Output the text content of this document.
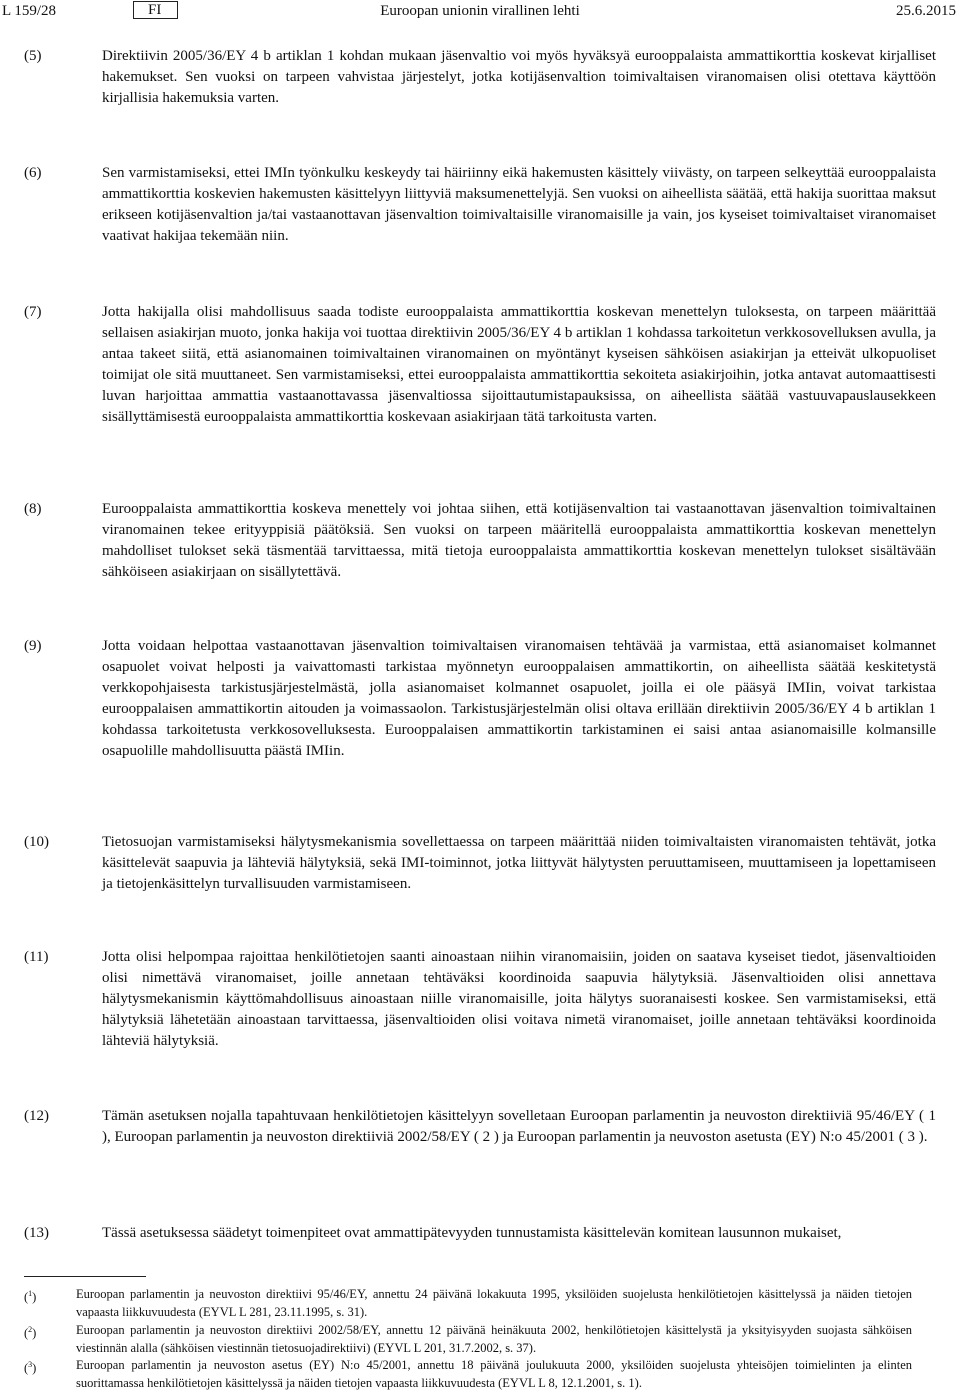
L 159/28	FI	Euroopan unionin virallinen lehti	25.6.2015
(5)	Direktiivin 2005/36/EY 4 b artiklan 1 kohdan mukaan jäsenvaltio voi myös hyväksyä eurooppalaista ammattikorttia koskevat kirjalliset hakemukset. Sen vuoksi on tarpeen vahvistaa järjestelyt, jotka kotijäsenvaltion toimivaltaisen viranomaisen olisi otettava käyttöön kirjallisia hakemuksia varten.
(6)	Sen varmistamiseksi, ettei IMIn työnkulku keskeydy tai häiriinny eikä hakemusten käsittely viivästy, on tarpeen selkeyttää eurooppalaista ammattikorttia koskevien hakemusten käsittelyyn liittyviä maksumenettelyjä. Sen vuoksi on aiheellista säätää, että hakija suorittaa maksut erikseen kotijäsenvaltion ja/tai vastaanottavan jäsenvaltion toimivaltaisille viranomaisille ja vain, jos kyseiset toimivaltaiset viranomaiset vaativat hakijaa tekemään niin.
(7)	Jotta hakijalla olisi mahdollisuus saada todiste eurooppalaista ammattikorttia koskevan menettelyn tuloksesta, on tarpeen määrittää sellaisen asiakirjan muoto, jonka hakija voi tuottaa direktiivin 2005/36/EY 4 b artiklan 1 kohdassa tarkoitetun verkkosovelluksen avulla, ja antaa takeet siitä, että asianomainen toimivaltainen viranomainen on myöntänyt kyseisen sähköisen asiakirjan ja etteivät ulkopuoliset toimijat ole sitä muuttaneet. Sen varmistamiseksi, ettei eurooppalaista ammattikorttia sekoiteta asiakirjoihin, jotka antavat automaattisesti luvan harjoittaa ammattia vastaanottavassa jäsenvaltiossa sijoittautumistapauksissa, on aiheellista säätää vastuuvapauslausekkeen sisällyttämisestä eurooppalaista ammattikorttia koskevaan asiakirjaan tätä tarkoitusta varten.
(8)	Eurooppalaista ammattikorttia koskeva menettely voi johtaa siihen, että kotijäsenvaltion tai vastaanottavan jäsenvaltion toimivaltainen viranomainen tekee erityyppisiä päätöksiä. Sen vuoksi on tarpeen määritellä eurooppalaista ammattikorttia koskevan menettelyn mahdolliset tulokset sekä täsmentää tarvittaessa, mitä tietoja eurooppalaista ammattikorttia koskevan menettelyn tulokset sisältävään sähköiseen asiakirjaan on sisällytettävä.
(9)	Jotta voidaan helpottaa vastaanottavan jäsenvaltion toimivaltaisen viranomaisen tehtävää ja varmistaa, että asianomaiset kolmannet osapuolet voivat helposti ja vaivattomasti tarkistaa myönnetyn eurooppalaisen ammattikortin, on aiheellista säätää keskitetystä verkkopohjaisesta tarkistusjärjestelmästä, jolla asianomaiset kolmannet osapuolet, joilla ei ole pääsyä IMIin, voivat tarkistaa eurooppalaisen ammattikortin aitouden ja voimassaolon. Tarkistusjärjestelmän olisi oltava erillään direktiivin 2005/36/EY 4 b artiklan 1 kohdassa tarkoitetusta verkkosovelluksesta. Eurooppalaisen ammattikortin tarkistaminen ei saisi antaa asianomaisille kolmansille osapuolille mahdollisuutta päästä IMIin.
(10)	Tietosuojan varmistamiseksi hälytysmekanismia sovellettaessa on tarpeen määrittää niiden toimivaltaisten viranomaisten tehtävät, jotka käsittelevät saapuvia ja lähteviä hälytyksiä, sekä IMI-toiminnot, jotka liittyvät hälytysten peruuttamiseen, muuttamiseen ja lopettamiseen ja tietojenkäsittelyn turvallisuuden varmistamiseen.
(11)	Jotta olisi helpompaa rajoittaa henkilötietojen saanti ainoastaan niihin viranomaisiin, joiden on saatava kyseiset tiedot, jäsenvaltioiden olisi nimettävä viranomaiset, joille annetaan tehtäväksi koordinoida saapuvia hälytyksiä. Jäsenvaltioiden olisi annettava hälytysmekanismin käyttömahdollisuus ainoastaan niille viranomaisille, joita hälytys suoranaisesti koskee. Sen varmistamiseksi, että hälytyksiä lähetetään ainoastaan tarvittaessa, jäsenvaltioiden olisi voitava nimetä viranomaiset, joille annetaan tehtäväksi koordinoida lähteviä hälytyksiä.
(12)	Tämän asetuksen nojalla tapahtuvaan henkilötietojen käsittelyyn sovelletaan Euroopan parlamentin ja neuvoston direktiiviä 95/46/EY ( 1 ), Euroopan parlamentin ja neuvoston direktiiviä 2002/58/EY ( 2 ) ja Euroopan parlamentin ja neuvoston asetusta (EY) N:o 45/2001 ( 3 ).
(13)	Tässä asetuksessa säädetyt toimenpiteet ovat ammattipätevyyden tunnustamista käsittelevän komitean lausunnon mukaiset,
($^1$)	Euroopan parlamentin ja neuvoston direktiivi 95/46/EY, annettu 24 päivänä lokakuuta 1995, yksilöiden suojelusta henkilötietojen käsittelyssä ja näiden tietojen vapaasta liikkuvuudesta (EYVL L 281, 23.11.1995, s. 31).
($^2$)	Euroopan parlamentin ja neuvoston direktiivi 2002/58/EY, annettu 12 päivänä heinäkuuta 2002, henkilötietojen käsittelystä ja yksityisyyden suojasta sähköisen viestinnän alalla (sähköisen viestinnän tietosuojadirektiivi) (EYVL L 201, 31.7.2002, s. 37).
($^3$)	Euroopan parlamentin ja neuvoston asetus (EY) N:o 45/2001, annettu 18 päivänä joulukuuta 2000, yksilöiden suojelusta yhteisöjen toimielinten ja elinten suorittamassa henkilötietojen käsittelyssä ja näiden tietojen vapaasta liikkuvuudesta (EYVL L 8, 12.1.2001, s. 1).
